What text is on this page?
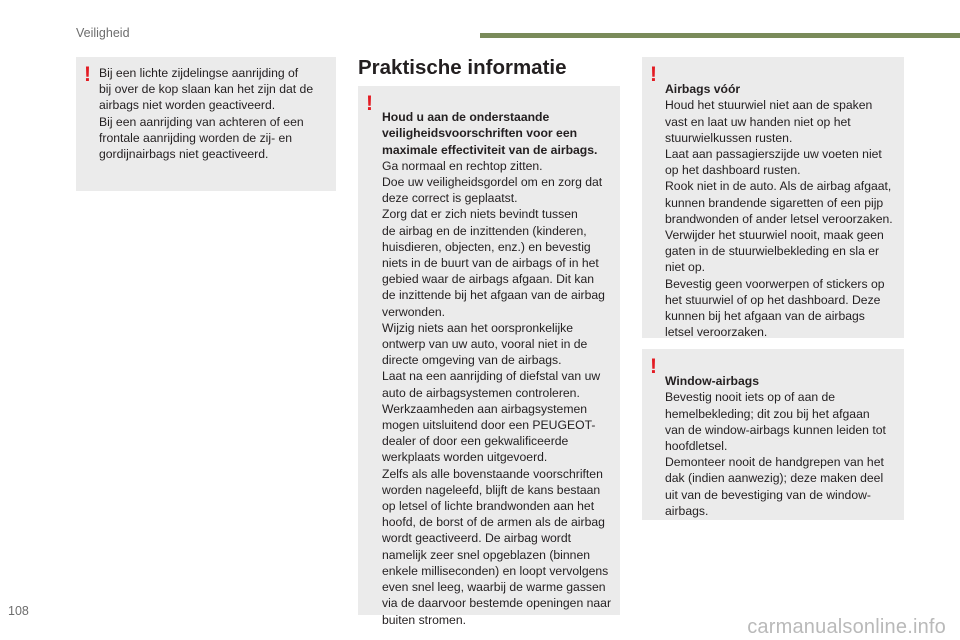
Veiligheid
! Bij een lichte zijdelingse aanrijding of
bij over de kop slaan kan het zijn dat de
airbags niet worden geactiveerd.
Bij een aanrijding van achteren of een
frontale aanrijding worden de zij- en
gordijnairbags niet geactiveerd.
Praktische informatie
!

Houd u aan de onderstaande
veiligheidsvoorschriften voor een
maximale effectiviteit van de airbags.
Ga normaal en rechtop zitten.
Doe uw veiligheidsgordel om en zorg dat
deze correct is geplaatst.
Zorg dat er zich niets bevindt tussen
de airbag en de inzittenden (kinderen,
huisdieren, objecten, enz.) en bevestig
niets in de buurt van de airbags of in het
gebied waar de airbags afgaan. Dit kan
de inzittende bij het afgaan van de airbag
verwonden.
Wijzig niets aan het oorspronkelijke
ontwerp van uw auto, vooral niet in de
directe omgeving van de airbags.
Laat na een aanrijding of diefstal van uw
auto de airbagsystemen controleren.
Werkzaamheden aan airbagsystemen
mogen uitsluitend door een PEUGEOT-
dealer of door een gekwalificeerde
werkplaats worden uitgevoerd.
Zelfs als alle bovenstaande voorschriften
worden nageleefd, blijft de kans bestaan
op letsel of lichte brandwonden aan het
hoofd, de borst of de armen als de airbag
wordt geactiveerd. De airbag wordt
namelijk zeer snel opgeblazen (binnen
enkele milliseconden) en loopt vervolgens
even snel leeg, waarbij de warme gassen
via de daarvoor bestemde openingen naar
buiten stromen.

!

Airbags vóór
Houd het stuurwiel niet aan de spaken
vast en laat uw handen niet op het
stuurwielkussen rusten.
Laat aan passagierszijde uw voeten niet
op het dashboard rusten.
Rook niet in de auto. Als de airbag afgaat,
kunnen brandende sigaretten of een pijp
brandwonden of ander letsel veroorzaken.
Verwijder het stuurwiel nooit, maak geen
gaten in de stuurwielbekleding en sla er
niet op.
Bevestig geen voorwerpen of stickers op
het stuurwiel of op het dashboard. Deze
kunnen bij het afgaan van de airbags
letsel veroorzaken.

!

Window-airbags
Bevestig nooit iets op of aan de
hemelbekleding; dit zou bij het afgaan
van de window-airbags kunnen leiden tot
hoofdletsel.
Demonteer nooit de handgrepen van het
dak (indien aanwezig); deze maken deel
uit van de bevestiging van de window-
airbags.

108
carmanualsonline.info
